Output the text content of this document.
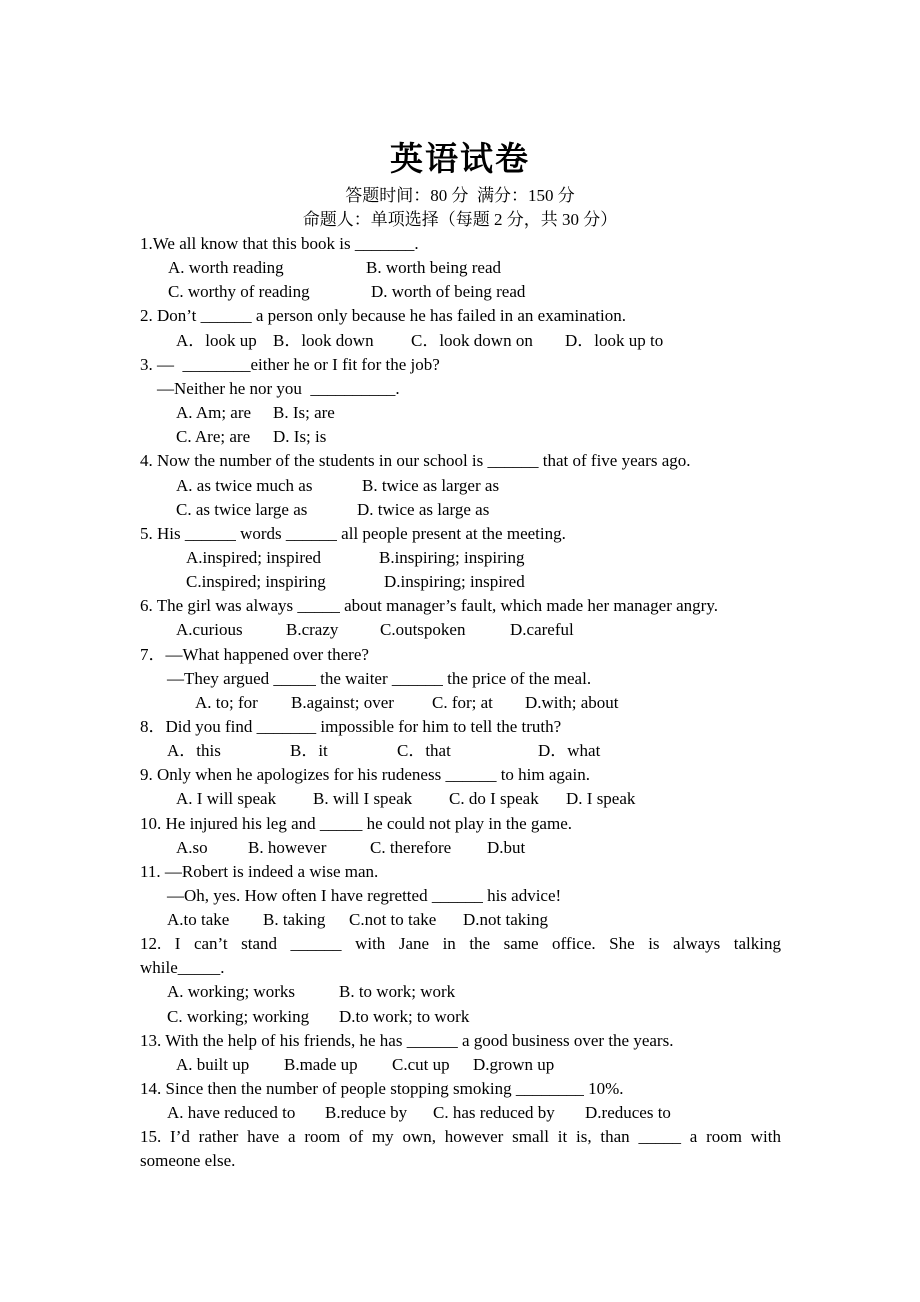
英语试卷
答题时间：80 分  满分：150 分
命题人：单项选择（每题 2 分，共 30 分）
1.We all know that this book is _______.
A. worth reading	B. worth being read
C. worthy of reading	D. worth of being read
2. Don’t ______ a person only because he has failed in an examination.
A．look up B．look down C．look down on D．look up to
3. —  ________either he or I fit for the job?
—Neither he nor you  __________.
A. Am; are B. Is; are
C. Are; are D. Is; is
4. Now the number of the students in our school is ______ that of five years ago.
A. as twice much as	B. twice as larger as
C. as twice large as	D. twice as large as
5. His ______ words ______ all people present at the meeting.
A.inspired; inspired	B.inspiring; inspiring
C.inspired; inspiring	D.inspiring; inspired
6. The girl was always _____ about manager’s fault, which made her manager angry.
A.curious	B.crazy C.outspoken	D.careful
7．—What happened over there?
—They argued _____ the waiter ______ the price of the meal.
A. to; for B.against; over C. for; at D.with; about
8．Did you find _______ impossible for him to tell the truth?
A．this	B．it	C．that	D．what
9. Only when he apologizes for his rudeness ______ to him again.
A. I will speak B. will I speak C. do I speak D. I speak
10. He injured his leg and _____ he could not play in the game.
A.so B. however	C. therefore D.but
11. —Robert is indeed a wise man.
—Oh, yes. How often I have regretted ______ his advice!
A.to take B. taking C.not to take D.not taking
12. I can’t stand ______ with Jane in the same office. She is always talking
while_____.
A. working; works	B. to work; work
C. working; working D.to work; to work
13. With the help of his friends, he has ______ a good business over the years.
A. built up B.made up C.cut up D.grown up
14. Since then the number of people stopping smoking ________ 10%.
A. have reduced to B.reduce by C. has reduced by D.reduces to
15. I’d rather have a room of my own, however small it is, than _____ a room with
someone else.
